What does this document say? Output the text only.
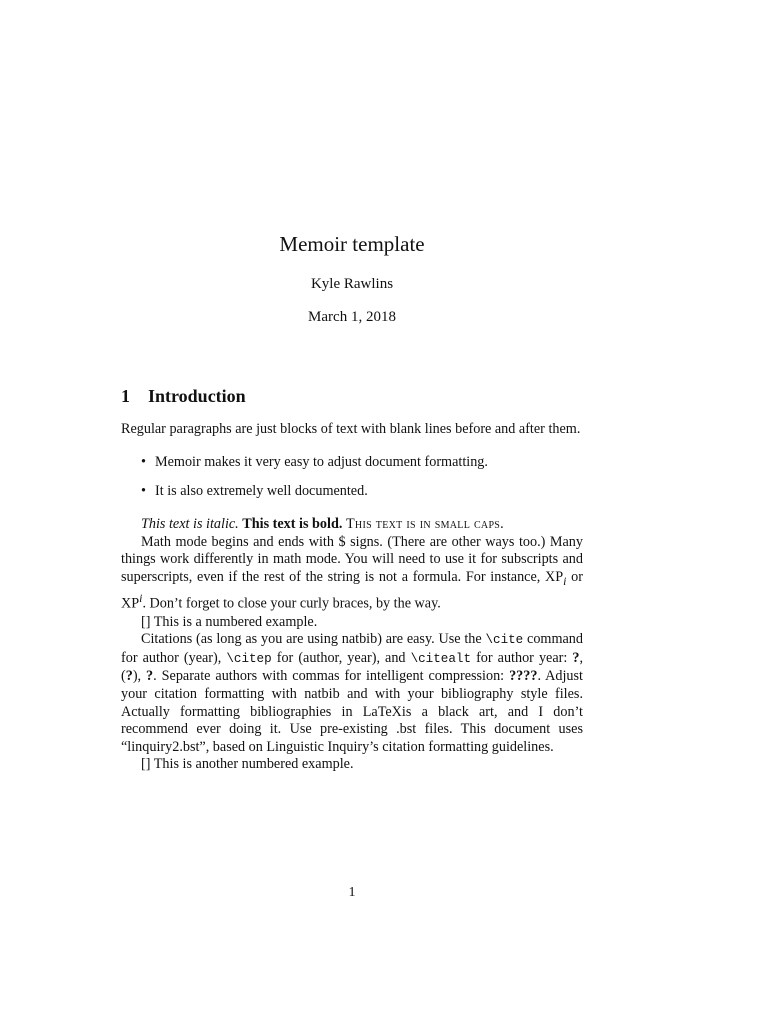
Memoir template
Kyle Rawlins
March 1, 2018
1 Introduction
Regular paragraphs are just blocks of text with blank lines before and after them.
• Memoir makes it very easy to adjust document formatting.
• It is also extremely well documented.

This text is italic. This text is bold. This text is in small caps.

Math mode begins and ends with $ signs. (There are other ways too.) Many things work differently in math mode. You will need to use it for subscripts and superscripts, even if the rest of the string is not a formula. For instance, $XP_i$ or $XP^i$. Don’t forget to close your curly braces, by the way.

[] This is a numbered example.

Citations (as long as you are using natbib) are easy. Use the \cite command for author (year), \citep for (author, year), and \citealt for author year: ?, (?), ?. Separate authors with commas for intelligent compression: ????. Adjust your citation formatting with natbib and with your bibliography style files. Actually formatting bibliographies in LaTeXis a black art, and I don’t recommend ever doing it. Use pre-existing .bst files. This document uses “linquiry2.bst”, based on Linguistic Inquiry’s citation formatting guidelines.

[] This is another numbered example.

1
